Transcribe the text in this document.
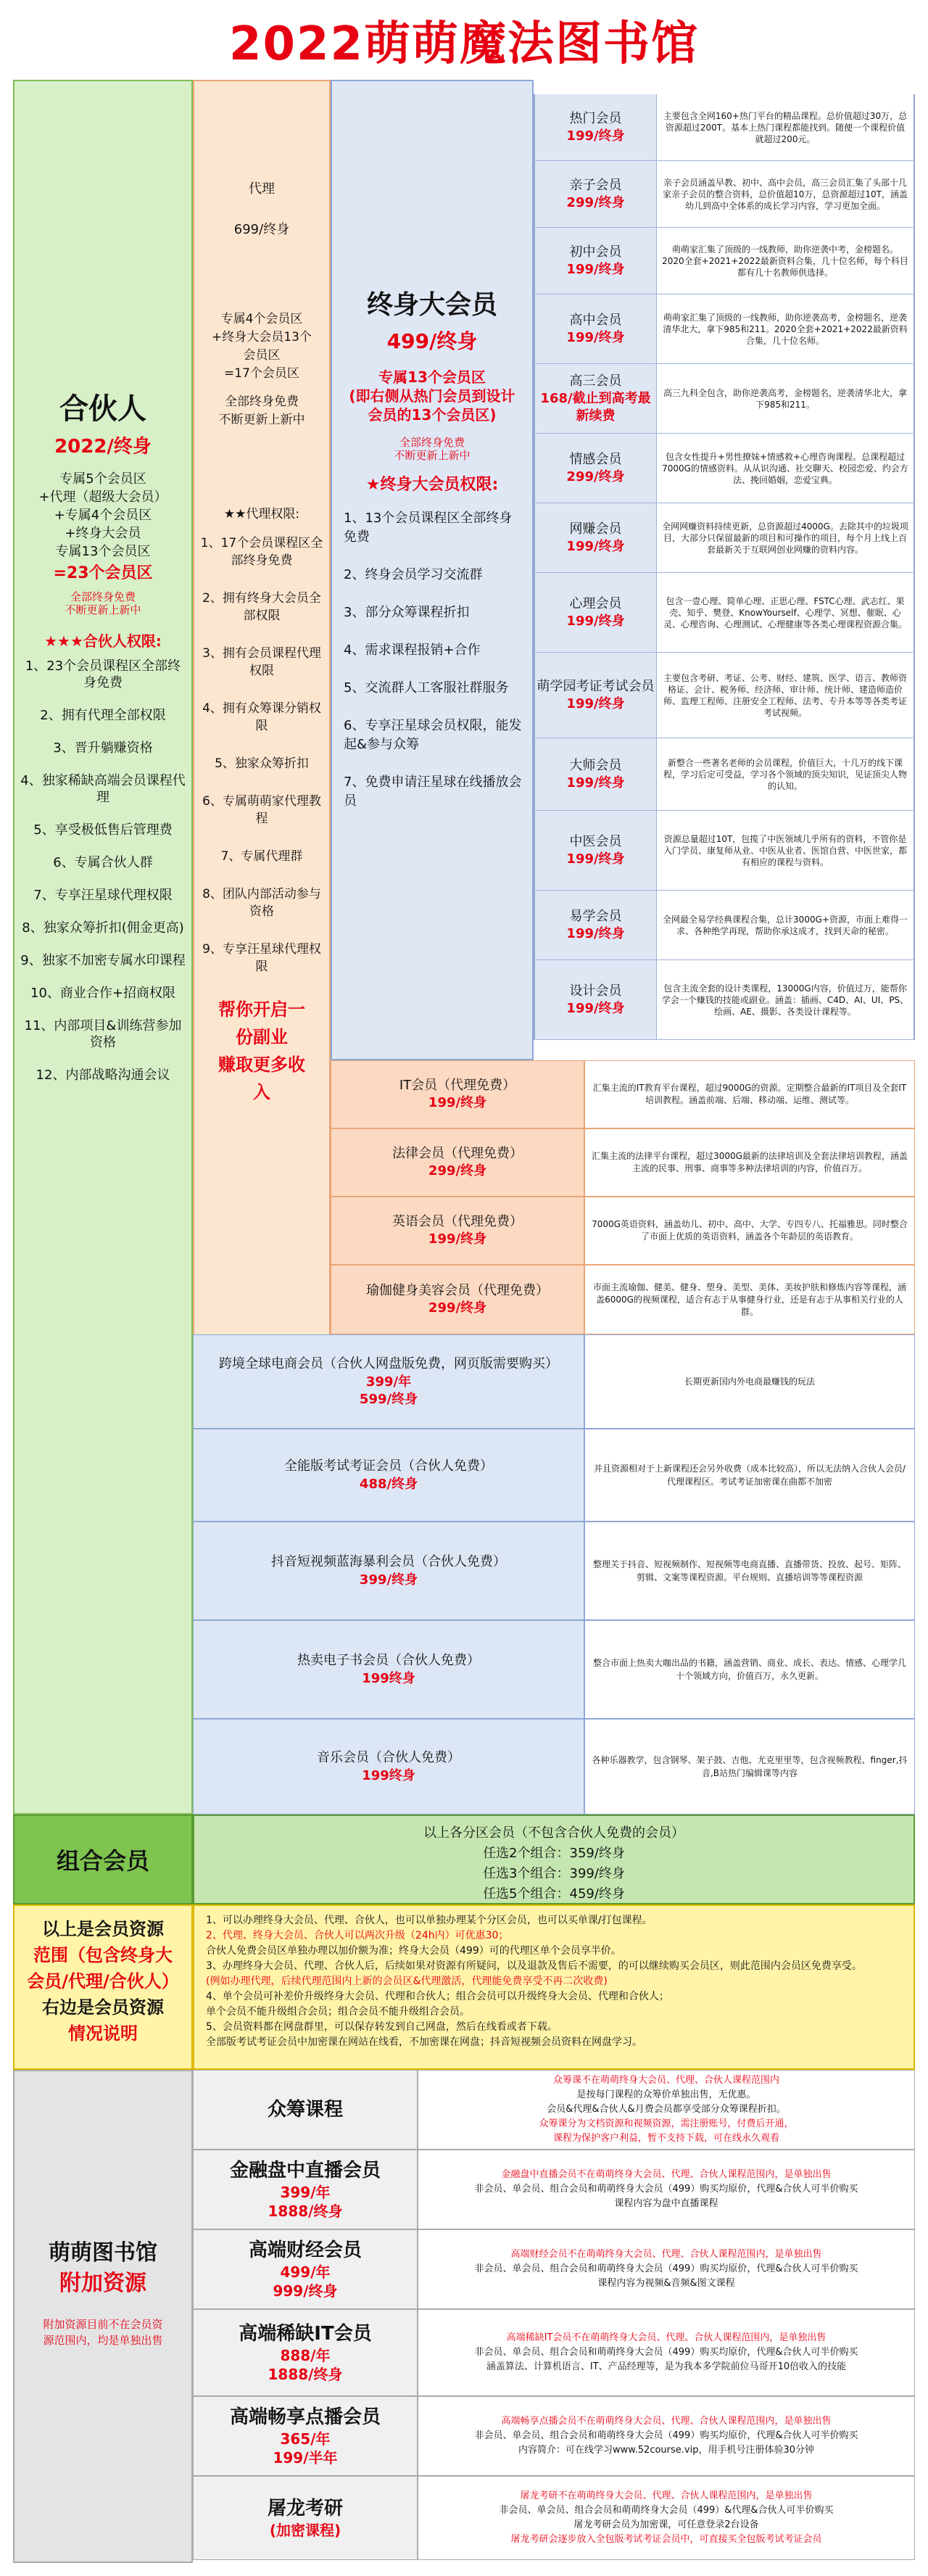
2022萌萌魔法图书馆
合伙人
2022/终身
专属5个会员区
+代理（超级大会员）
+专属4个会员区
+终身大会员
专属13个会员区
=23个会员区
全部终身免费
不断更新上新中
★★★合伙人权限:
1、23个会员课程区全部终身免费
2、拥有代理全部权限
3、晋升躺赚资格
4、独家稀缺高端会员课程代理
5、享受极低售后管理费
6、专属合伙人群
7、专享汪星球代理权限
8、独家众筹折扣(佣金更高)
9、独家不加密专属水印课程
10、商业合作+招商权限
11、内部项目&训练营参加资格
12、内部战略沟通会议
代理
699/终身
专属4个会员区
+终身大会员13个
会员区
=17个会员区
全部终身免费
不断更新上新中
★★代理权限:
1、17个会员课程区全部终身免费
2、拥有终身大会员全部权限
3、拥有会员课程代理权限
4、拥有众筹课分销权限
5、独家众筹折扣
6、专属萌萌家代理教程
7、专属代理群
8、团队内部活动参与资格
9、专享汪星球代理权限
帮你开启一
份副业
赚取更多收
入
终身大会员
499/终身
专属13个会员区
(即右侧从热门会员到设计
会员的13个会员区)
全部终身免费
不断更新上新中
★终身大会员权限:
1、13个会员课程区全部终身免费
2、终身会员学习交流群
3、部分众筹课程折扣
4、需求课程报销+合作
5、交流群人工客服社群服务
6、专享汪星球会员权限，能发起&参与众筹
7、免费申请汪星球在线播放会员
热门会员
199/终身
主要包含全网160+热门平台的精品课程。总价值超过30万，总资源超过200T。基本上热门课程都能找到。随便一个课程价值就超过200元。
亲子会员
299/终身
亲子会员涵盖早教、初中、高中会员，高三会员汇集了头部十几家亲子会员的整合资料，总价值超10万，总资源超过10T，涵盖幼儿到高中全体系的成长学习内容，学习更加全面。
初中会员
199/终身
萌萌家汇集了顶级的一线教师，助你逆袭中考，金榜题名。2020全套+2021+2022最新资料合集，几十位名师，每个科目都有几十名教师供选择。
高中会员
199/终身
萌萌家汇集了顶级的一线教师，助你逆袭高考，金榜题名，逆袭清华北大，拿下985和211。2020全套+2021+2022最新资料合集，几十位名师。
高三会员
168/截止到高考最新续费
高三九科全包含，助你逆袭高考，金榜题名，逆袭清华北大，拿下985和211。
情感会员
299/终身
包含女性提升+男性撩妹+情感救+心理咨询课程。总课程超过7000G的情感资料。从从识沟通、社交聊天、校园恋爱、约会方法、挽回婚姻，恋爱宝典。
网赚会员
199/终身
全网网赚资料持续更新，总资源超过4000G。去除其中的垃圾项目，大部分只保留最新的项目和可操作的项目，每个月上线上百套最新关于互联网创业网赚的资料内容。
心理会员
199/终身
包含一壹心理、简单心理、正思心理、FSTC心理、武志红、果壳、知乎、樊登、KnowYourself、心理学、冥想、催眠、心灵、心理咨询、心理测试、心理健康等各类心理课程资源合集。
萌学园考证考试会员
199/终身
主要包含考研、考证、公考、财经、建筑、医学、语言、教师资格证、会计、税务师、经济师、审计师、统计师、建造师造价师、监理工程师、注册安全工程师、法考、专升本等等各类考证考试视频。
大师会员
199/终身
新整合一些著名老师的会员课程，价值巨大，十几万的线下课程，学习后定可受益，学习各个领域的顶尖知识，见证顶尖人物的认知。
中医会员
199/终身
资源总量超过10T，包揽了中医领域几乎所有的资料，不管你是入门学员、康复师从业、中医从业者、医馆自营、中医世家，都有相应的课程与资料。
易学会员
199/终身
全网最全易学经典课程合集，总计3000G+资源，市面上难得一求、各种绝学再现，帮助你承这成才，找到天命的秘密。
设计会员
199/终身
包含主流全套的设计类课程，13000G内容，价值过万，能帮你学会一个赚钱的技能或副业。涵盖：插画、C4D、AI、UI、PS、绘画、AE、摄影、各类设计课程等。
IT会员（代理免费）
199/终身
法律会员（代理免费）
299/终身
英语会员（代理免费）
199/终身
瑜伽健身美容会员（代理免费）
299/终身
汇集主流的IT教育平台课程，超过9000G的资源。定期整合最新的IT项目及全套IT培训教程。涵盖前端、后端、移动端、运维、测试等。
汇集主流的法律平台课程，超过3000G最新的法律培训及全套法律培训教程，涵盖主流的民事、刑事、商事等多种法律培训的内容，价值百万。
7000G英语资料，涵盖幼儿、初中、高中、大学、专四专八、托福雅思。同时整合了市面上优质的英语资料，涵盖各个年龄层的英语教育。
市面主流瑜伽、健美、健身、塑身、美型、美体、美妆护肤和修炼内容等课程，涵盖6000G的视频课程，适合有志于从事健身行业，还是有志于从事相关行业的人群。
跨境全球电商会员（合伙人网盘版免费，网页版需要购买）
399/年
599/终身
全能版考试考证会员（合伙人免费）
488/终身
抖音短视频蓝海暴利会员（合伙人免费）
399/终身
热卖电子书会员（合伙人免费）
199终身
音乐会员（合伙人免费）
199终身
长期更新国内外电商最赚钱的玩法
并且资源相对于上新课程还会另外收费（成本比较高），所以无法纳入合伙人会员/代理课程区。考试考证加密课在曲都不加密
整理关于抖音、短视频制作、短视频等电商直播、直播带货、投放、起号、矩阵、剪辑、文案等课程资源。平台规则、直播培训等等课程资源
整合市面上热卖大咖出品的书籍，涵盖营销、商业、成长、表达、情感、心理学几十个领域方向，价值百万，永久更新。
各种乐器教学，包含钢琴、架子鼓、吉他、尤克里里等，包含视频教程、finger,抖音,B站热门编辑课等内容
组合会员
以上各分区会员（不包含合伙人免费的会员）
任选2个组合：359/终身
任选3个组合：399/终身
任选5个组合：459/终身
以上是会员资源
范围（包含终身大
会员/代理/合伙人）
右边是会员资源
情况说明
1、可以办理终身大会员、代理、合伙人，也可以单独办理某个分区会员，也可以买单课/打包课程。
2、代理、终身大会员、合伙人可以两次升级（24h内）可优惠30；
合伙人免费会员区单独办理以加价额为准；终身大会员（499）可的代理区单个会员享半价。
3、办理终身大会员、代理、合伙人后，后续如果对资源有所疑问，以及退款及售后不需要，的可以继续购买会员区，则此范围内会员区免费享受。
(例如办理代理，后续代理范围内上新的会员区&代理激活，代理能免费享受不再二次收费)
4、单个会员可补差价升级终身大会员、代理和合伙人；组合会员可以升级终身大会员、代理和合伙人；
单个会员不能升级组合会员；组合会员不能升级组合会员。
5、会员资料都在网盘群里，可以保存转发到自己网盘，然后在线看或者下载。
全部版考试考证会员中加密课在网站在线看，不加密课在网盘；抖音短视频会员资料在网盘学习。
萌萌图书馆
附加资源
附加资源目前不在会员资
源范围内，均是单独出售
众筹课程
金融盘中直播会员
399/年
1888/终身
高端财经会员
499/年
999/终身
高端稀缺IT会员
888/年
1888/终身
高端畅享点播会员
365/年
199/半年
屠龙考研
(加密课程)
众筹课不在萌萌终身大会员、代理、合伙人课程范围内
是按每门课程的众筹价单独出售，无优惠。
会员&代理&合伙人&月费会员都享受部分众筹课程折扣。
众筹课分为文档资源和视频资源，需注册账号，付费后开通，
课程为保护客户利益，暂不支持下载，可在线永久观看
金融盘中直播会员不在萌萌终身大会员、代理、合伙人课程范围内，是单独出售
非会员、单会员、组合会员和萌萌终身大会员（499）购买均原价，代理&合伙人可半价购买
课程内容为盘中直播课程
高端财经会员不在萌萌终身大会员、代理、合伙人课程范围内，是单独出售
非会员、单会员、组合会员和萌萌终身大会员（499）购买均原价，代理&合伙人可半价购买
课程内容为视频&音频&图文课程
高端稀缺IT会员不在萌萌终身大会员、代理、合伙人课程范围内，是单独出售
非会员、单会员、组合会员和萌萌终身大会员（499）购买均原价，代理&合伙人可半价购买
涵盖算法、计算机语言、IT、产品经理等，是为我本多学院前位马哥开10倍收入的技能
高端畅享点播会员不在萌萌终身大会员、代理、合伙人课程范围内，是单独出售
非会员、单会员、组合会员和萌萌终身大会员（499）购买均原价，代理&合伙人可半价购买
内容简介：可在线学习www.52course.vip，用手机号注册体验30分钟
屠龙考研不在萌萌终身大会员、代理、合伙人课程范围内，是单独出售
非会员、单会员、组合会员和萌萌终身大会员（499）&代理&合伙人可半价购买
屠龙考研会员为加密课，可任意登录2台设备
屠龙考研会逐步放入全包版考试考证会员中，可直接买全包版考试考证会员
